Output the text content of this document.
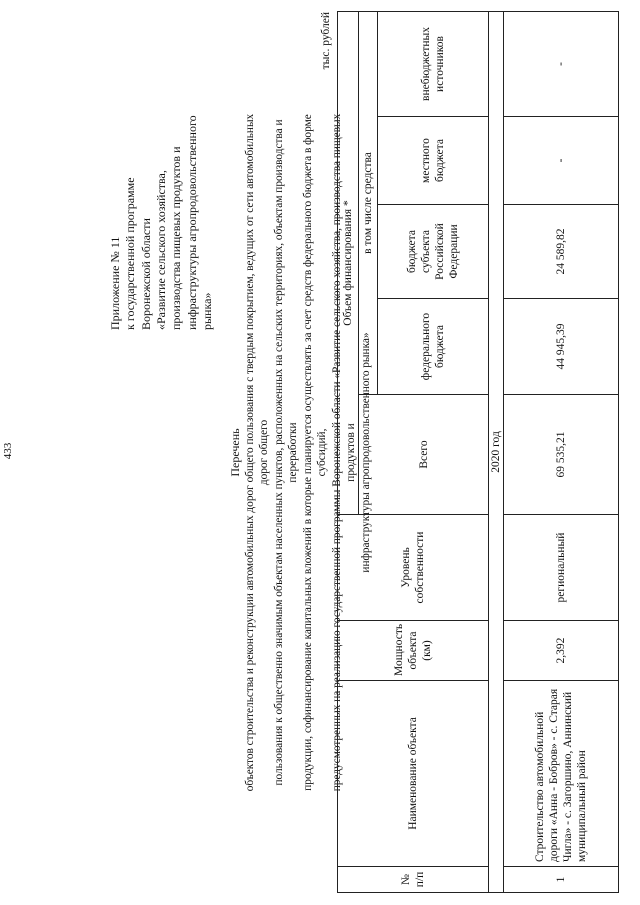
433
Приложение № 11 к государственной программе Воронежской области «Развитие сельского хозяйства, производства пищевых продуктов и инфраструктуры агропродовольственного рынка»
Перечень объектов строительства и реконструкции автомобильных дорог общего пользования с твердым покрытием, ведущих от сети автомобильных дорог общего пользования к общественно значимым объектам населенных пунктов, расположенных на сельских территориях, объектам производства и переработки продукции, софинансирование капитальных вложений в которые планируется осуществлять за счет средств федерального бюджета в форме субсидий, предусмотренных на реализацию государственной программы Воронежской области «Развитие сельского хозяйства, производства пищевых продуктов и инфраструктуры агропродовольственного рынка»
тыс. рублей
№ п/п	Наименование объекта	Мощность объекта (км)	Уровень собственности	Объем финансирования *				
				Всего	в том числе средства			
					федерального бюджета	бюджета субъекта Российской Федерации	местного бюджета	внебюджетных источников
2020 год								
1	Строительство автомобильной дороги «Анна - Бобров» - с. Старая Чигла» - с. Загоршино, Аннинский муниципальный район	2,392	региональный	69 535,21	44 945,39	24 589,82	-	-
